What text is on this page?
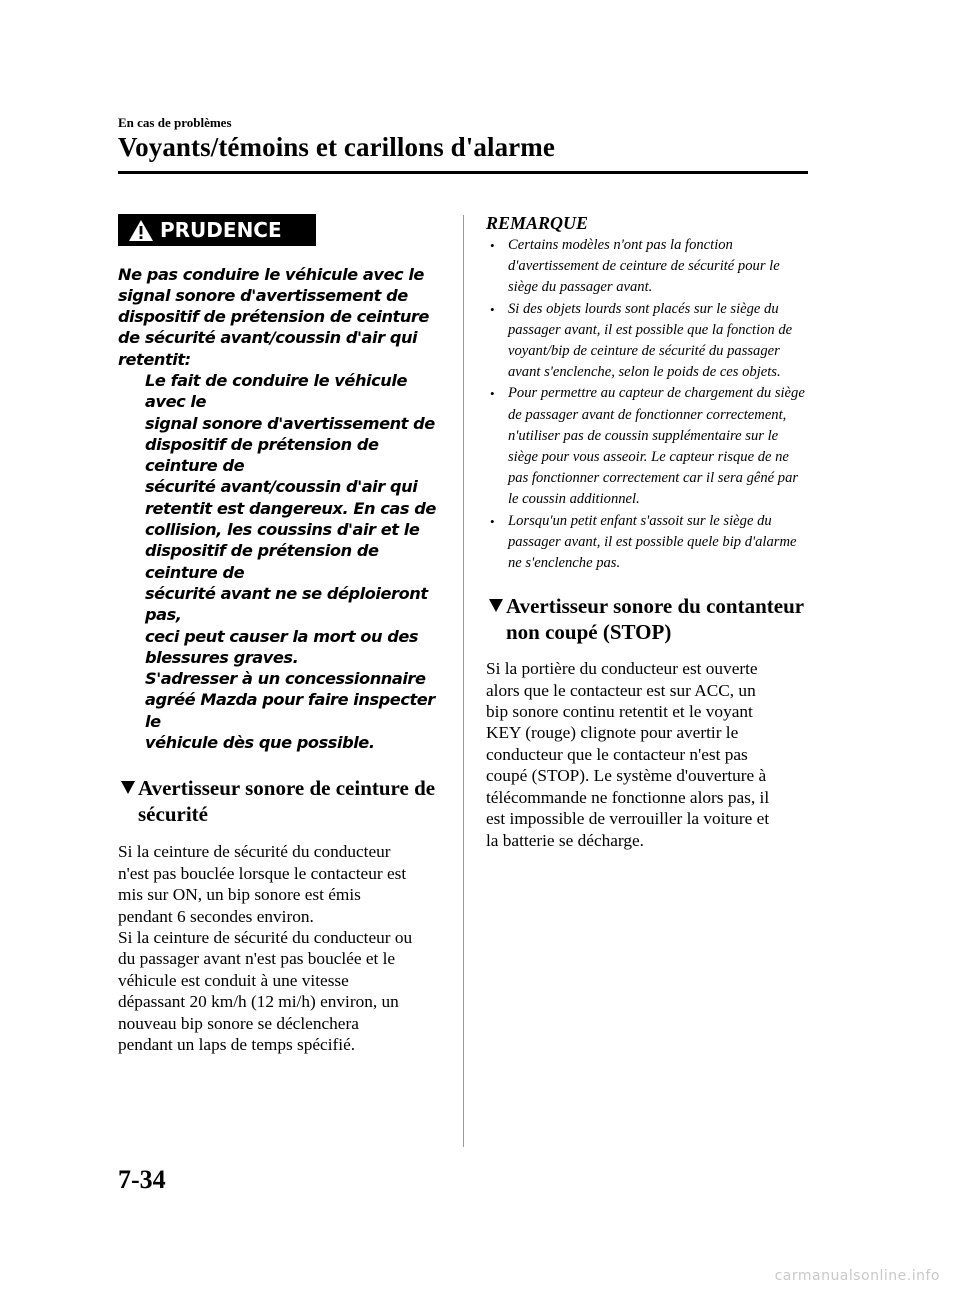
En cas de problèmes
Voyants/témoins et carillons d'alarme
PRUDENCE
Ne pas conduire le véhicule avec le signal sonore d'avertissement de dispositif de prétension de ceinture de sécurité avant/coussin d'air qui retentit:
Le fait de conduire le véhicule avec le
signal sonore d'avertissement de
dispositif de prétension de ceinture de
sécurité avant/coussin d'air qui
retentit est dangereux. En cas de
collision, les coussins d'air et le
dispositif de prétension de ceinture de
sécurité avant ne se déploieront pas,
ceci peut causer la mort ou des
blessures graves.
S'adresser à un concessionnaire
agréé Mazda pour faire inspecter le
véhicule dès que possible.
Avertisseur sonore de ceinture de sécurité
Si la ceinture de sécurité du conducteur
n'est pas bouclée lorsque le contacteur est
mis sur ON, un bip sonore est émis
pendant 6 secondes environ.
Si la ceinture de sécurité du conducteur ou
du passager avant n'est pas bouclée et le
véhicule est conduit à une vitesse
dépassant 20 km/h (12 mi/h) environ, un
nouveau bip sonore se déclenchera
pendant un laps de temps spécifié.
REMARQUE
• Certains modèles n'ont pas la fonction d'avertissement de ceinture de sécurité pour le siège du passager avant.
• Si des objets lourds sont placés sur le siège du passager avant, il est possible que la fonction de voyant/bip de ceinture de sécurité du passager avant s'enclenche, selon le poids de ces objets.
• Pour permettre au capteur de chargement du siège de passager avant de fonctionner correctement, n'utiliser pas de coussin supplémentaire sur le siège pour vous asseoir. Le capteur risque de ne pas fonctionner correctement car il sera gêné par le coussin additionnel.
• Lorsqu'un petit enfant s'assoit sur le siège du passager avant, il est possible quele bip d'alarme ne s'enclenche pas.
Avertisseur sonore du contanteur non coupé (STOP)
Si la portière du conducteur est ouverte
alors que le contacteur est sur ACC, un
bip sonore continu retentit et le voyant
KEY (rouge) clignote pour avertir le
conducteur que le contacteur n'est pas
coupé (STOP). Le système d'ouverture à
télécommande ne fonctionne alors pas, il
est impossible de verrouiller la voiture et
la batterie se décharge.
7-34
carmanualsonline.info
